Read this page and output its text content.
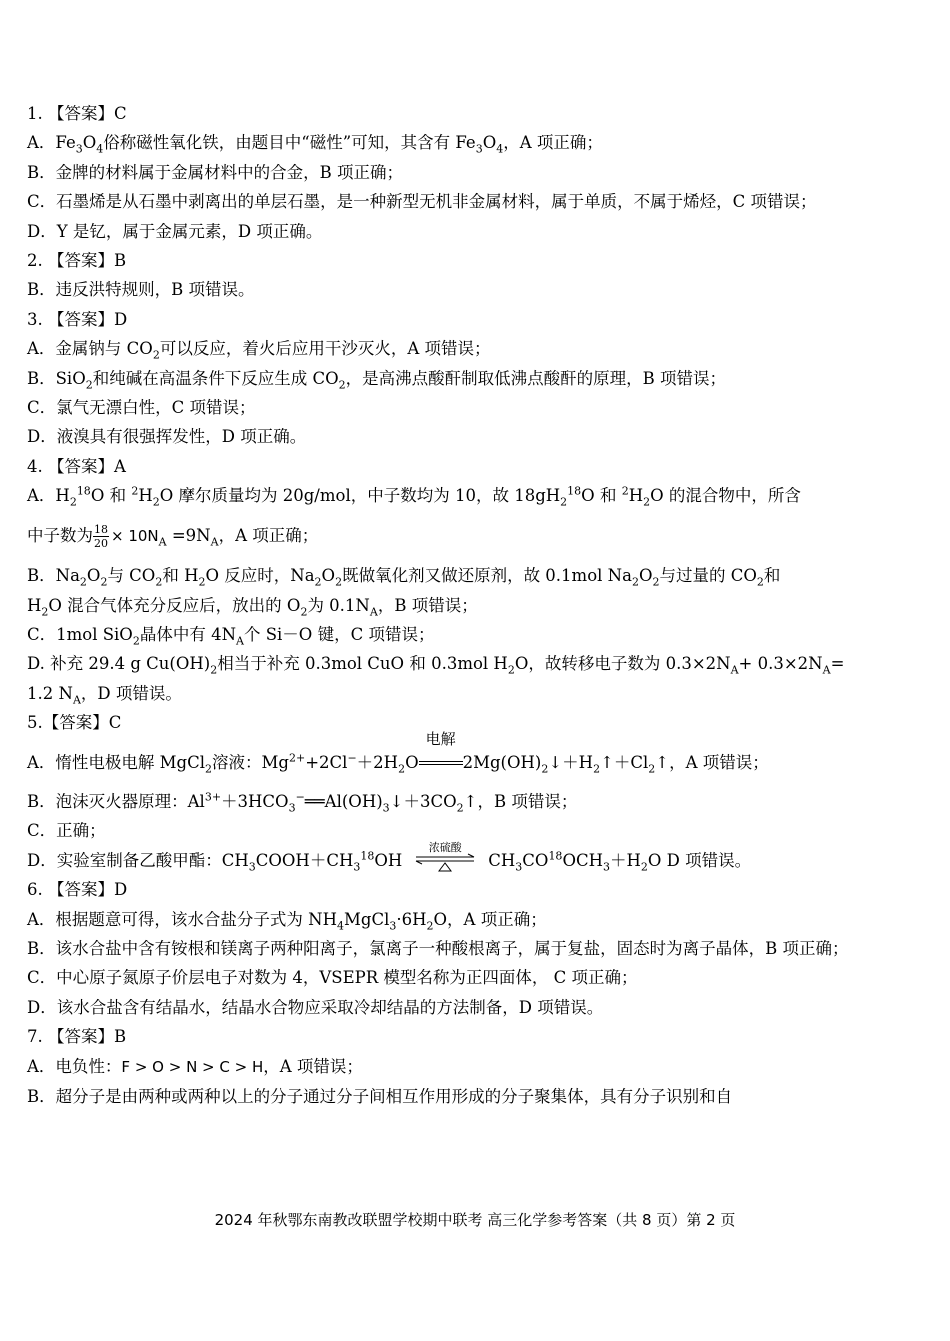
1. 【答案】C
A．$Fe_3O_4$俗称磁性氧化铁，由题目中“磁性”可知，其含有 $Fe_3O_4$，A 项正确；
B．金牌的材料属于金属材料中的合金，B 项正确；
C．石墨烯是从石墨中剥离出的单层石墨，是一种新型无机非金属材料，属于单质，不属于烯烃，C 项错误；
D．Y 是钇，属于金属元素，D 项正确。
2. 【答案】B
B．违反洪特规则，B 项错误。
3. 【答案】D
A．金属钠与 $CO_2$可以反应，着火后应用干沙灭火，A 项错误；
B．SiO$_2$和纯碱在高温条件下反应生成 $CO_2$，是高沸点酸酐制取低沸点酸酐的原理，B 项错误；
C．氯气无漂白性，C 项错误；
D．液溴具有很强挥发性，D 项正确。
4. 【答案】A
A．$H_2^{18}O$ 和 $^2H_2O$ 摩尔质量均为 20g/mol，中子数均为 10，故 $18gH_2^{18}O$ 和 $^2H_2O$ 的混合物中，所含
中子数为 $\frac{18}{20} \times 10N_A =9N_A$，A 项正确；
B．$Na_2O_2$与 $CO_2$和 $H_2O$ 反应时，$Na_2O_2$既做氧化剂又做还原剂，故 0.1mol $Na_2O_2$与过量的 $CO_2$和
$H_2O$ 混合气体充分反应后，放出的 $O_2$为 $0.1N_A$，B 项错误；
C．1mol SiO$_2$晶体中有 $4N_A$个 Si－O 键，C 项错误；
D. 补充 29.4 g $Cu(OH)_2$相当于补充 0.3mol CuO 和 0.3mol $H_2O$，故转移电子数为 $0.3\times 2N_A+ 0.3\times 2N_A=$
1.2 $N_A$，D 项错误。
5.【答案】C
A．惰性电极电解 MgCl$_2$溶液：$Mg^{2+}+2Cl^-+2H_2O$
电解
$2Mg(OH)_2↓+H_2↑+Cl_2↑$，A 项错误；
B．泡沫灭火器原理：$Al^{3+}+3HCO_3^-══Al(OH)_3↓+3CO_2↑$，B 项错误；
C．正确；
D．实验室制备乙酸甲酯：$CH_3COOH+CH_3^{18}OH$
浓硫酸
$CH_3CO^{18}OCH_3+H_2O$ D 项错误。
6. 【答案】D
A．根据题意可得，该水合盐分子式为 $NH_4MgCl_3\cdot 6H_2O$，A 项正确；
B．该水合盐中含有铵根和镁离子两种阳离子，氯离子一种酸根离子，属于复盐，固态时为离子晶体，B 项正确；
C．中心原子氮原子价层电子对数为 4，VSEPR 模型名称为正四面体， C 项正确；
D．该水合盐含有结晶水，结晶水合物应采取冷却结晶的方法制备，D 项错误。
7. 【答案】B
A．电负性：F > O > N > C > H，A 项错误；
B．超分子是由两种或两种以上的分子通过分子间相互作用形成的分子聚集体，具有分子识别和自
2024 年秋鄂东南教改联盟学校期中联考 高三化学参考答案（共 8 页）第 2 页
